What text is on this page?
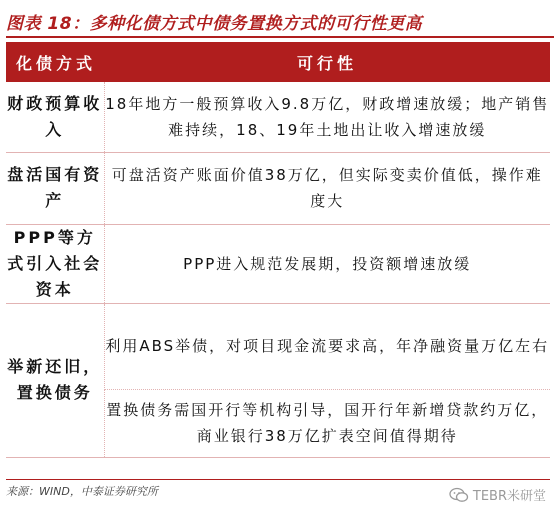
图表 18：多种化债方式中债务置换方式的可行性更高
化债方式	可行性
财政预算收入	18年地方一般预算收入9.8万亿，财政增速放缓；地产销售难持续，18、19年土地出让收入增速放缓
盘活国有资产	可盘活资产账面价值38万亿，但实际变卖价值低，操作难度大
PPP等方式引入社会资本	PPP进入规范发展期，投资额增速放缓
举新还旧，置换债务	利用ABS举债，对项目现金流要求高，年净融资量万亿左右
	置换债务需国开行等机构引导，国开行年新增贷款约万亿，商业银行38万亿扩表空间值得期待
来源：WIND，中泰证券研究所	TEBR米研堂
